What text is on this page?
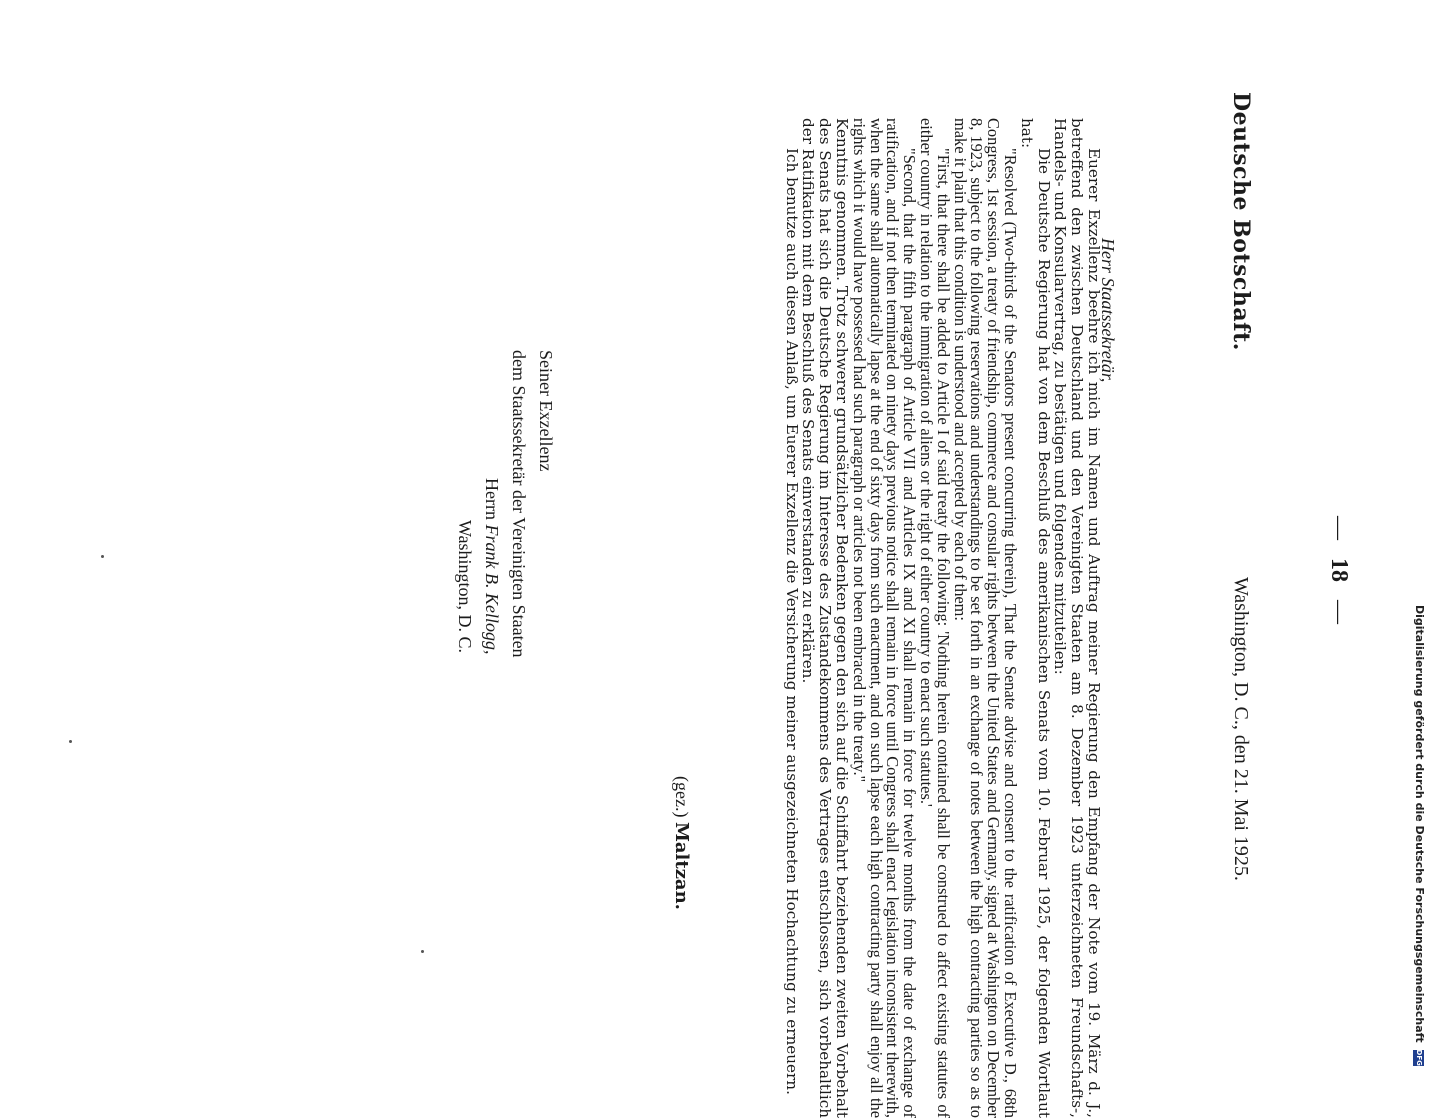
Deutsche Botschaft.
—18—
Washington, D. C., den 21. Mai 1925.
Herr Staatssekretär,

Euerer Exzellenz beehre ich mich im Namen und Auftrag meiner Regierung den Empfang der Note vom 19. März d. J., betreffend den zwischen Deutschland und den Vereinigten Staaten am 8. Dezember 1923 unterzeichneten Freundschafts-, Handels- und Konsularvertrag, zu bestätigen und folgendes mitzuteilen:

Die Deutsche Regierung hat von dem Beschluß des amerikanischen Senats vom 10. Februar 1925, der folgenden Wortlaut hat:

"Resolved (Two-thirds of the Senators present concurring therein), That the Senate advise and consent to the ratification of Executive D., 68th Congress, 1st session, a treaty of friendship, commerce and consular rights between the United States and Germany, signed at Washington on December 8, 1923, subject to the following reservations and understandings to be set forth in an exchange of notes between the high contracting parties so as to make it plain that this condition is understood and accepted by each of them:

"First, that there shall be added to Article I of said treaty the following: 'Nothing herein contained shall be construed to affect existing statutes of either country in relation to the immigration of aliens or the right of either country to enact such statutes.'

"Second, that the fifth paragraph of Article VII and Articles IX and XI shall remain in force for twelve months from the date of exchange of ratification, and if not then terminated on ninety days previous notice shall remain in force until Congress shall enact legislation inconsistent therewith, when the same shall automatically lapse at the end of sixty days from such enactment, and on such lapse each high contracting party shall enjoy all the rights which it would have possessed had such paragraph or articles not been embraced in the treaty."

Kenntnis genommen. Trotz schwerer grundsätzlicher Bedenken gegen den sich auf die Schiffahrt beziehenden zweiten Vorbehalt des Senats hat sich die Deutsche Regierung im Interesse des Zustandekommens des Vertrages entschlossen, sich vorbehaltlich der Ratifikation mit dem Beschluß des Senats einverstanden zu erklären.

Ich benutze auch diesen Anlaß, um Euerer Exzellenz die Versicherung meiner ausgezeichneten Hochachtung zu erneuern.

(gez.) Maltzan.
Seiner Exzellenz
dem Staatssekretär der Vereinigten Staaten
Herrn Frank B. Kellogg,
Washington, D. C.
Digitalisierung gefördert durch die Deutsche Forschungsgemeinschaft DFG
